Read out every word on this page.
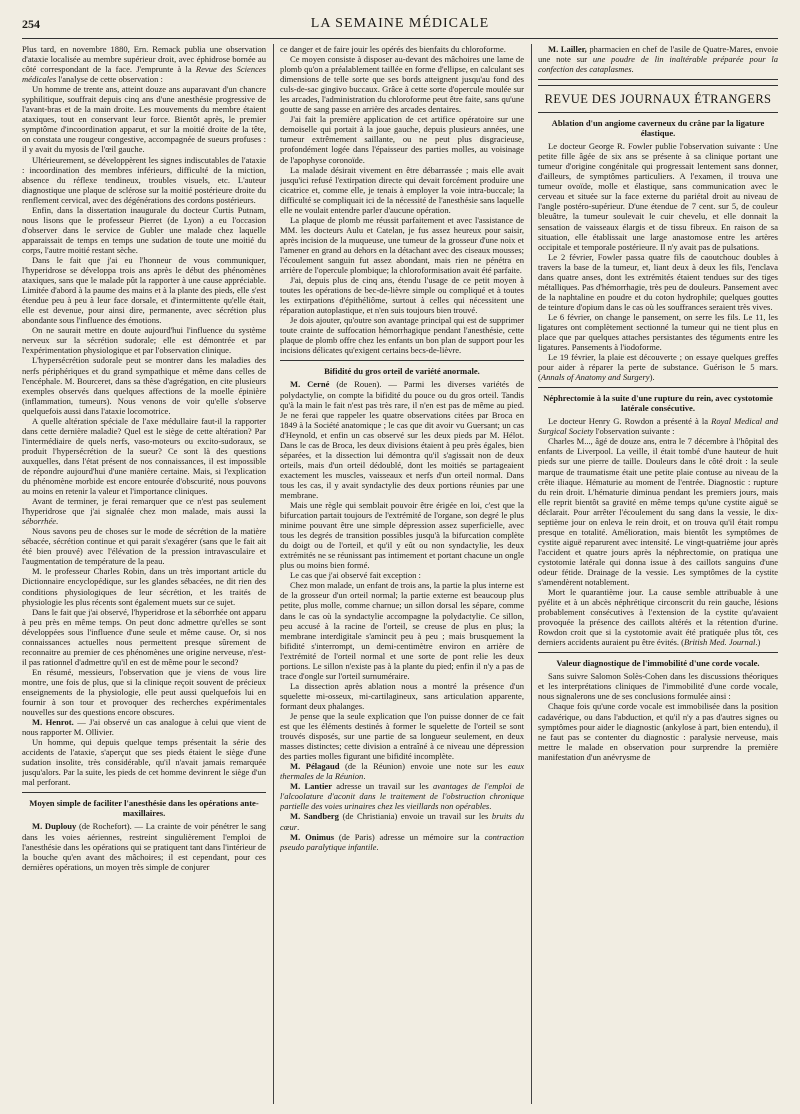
254	LA SEMAINE MÉDICALE

Plus tard, en novembre 1880, Ern. Remack publia une observation d'ataxie localisée au membre supérieur droit, avec éphidrose bornée au côté correspondant de la face. J'emprunte à la Revue des Sciences médicales l'analyse de cette observation :

Un homme de trente ans, atteint douze ans auparavant d'un chancre syphilitique, souffrait depuis cinq ans d'une anesthésie progressive de l'avant-bras et de la main droite. Les mouvements du membre étaient ataxiques, tout en conservant leur force. Bientôt après, le premier symptôme d'incoordination apparut, et sur la moitié droite de la tête, on constata une rougeur congestive, accompagnée de sueurs profuses : il y avait du myosis de l'œil gauche.

Ultérieurement, se développèrent les signes indiscutables de l'ataxie : incoordination des membres inférieurs, difficulté de la miction, absence du réflexe tendineux, troubles visuels, etc. L'auteur diagnostique une plaque de sclérose sur la moitié postérieure droite du renflement cervical, avec des dégénérations des cordons postérieurs.

Enfin, dans la dissertation inaugurale du docteur Curtis Putnam, nous lisons que le professeur Pierret (de Lyon) a eu l'occasion d'observer dans le service de Gubler une malade chez laquelle apparaissait de temps en temps une sudation de toute une moitié du corps, l'autre moitié restant sèche.

Dans le fait que j'ai eu l'honneur de vous communiquer, l'hyperidrose se développa trois ans après le début des phénomènes ataxiques, sans que le malade pût la rapporter à une cause appréciable. Limitée d'abord à la paume des mains et à la plante des pieds, elle s'est étendue peu à peu à leur face dorsale, et d'intermittente qu'elle était, elle est devenue, pour ainsi dire, permanente, avec sécrétion plus abondante sous l'influence des émotions.

On ne saurait mettre en doute aujourd'hui l'influence du système nerveux sur la sécrétion sudorale; elle est démontrée et par l'expérimentation physiologique et par l'observation clinique.

L'hypersécrétion sudorale peut se montrer dans les maladies des nerfs périphériques et du grand sympathique et même dans celles de l'encéphale. M. Bourceret, dans sa thèse d'agrégation, en cite plusieurs exemples observés dans quelques affections de la moelle épinière (inflammation, tumeurs). Nous venons de voir qu'elle s'observe quelquefois aussi dans l'ataxie locomotrice.

A quelle altération spéciale de l'axe médullaire faut-il la rapporter dans cette dernière maladie? Quel est le siège de cette altération? Par l'intermédiaire de quels nerfs, vaso-moteurs ou excito-sudoraux, se produit l'hypersécrétion de la sueur? Ce sont là des questions auxquelles, dans l'état présent de nos connaissances, il est impossible de répondre aujourd'hui d'une manière certaine. Mais, si l'explication du phénomène morbide est encore entourée d'obscurité, nous pouvons au moins en retenir la valeur et l'importance cliniques.

Avant de terminer, je ferai remarquer que ce n'est pas seulement l'hyperidrose que j'ai signalée chez mon malade, mais aussi la séborrhée.

Nous savons peu de choses sur le mode de sécrétion de la matière sébacée, sécrétion continue et qui parait s'exagérer (sans que le fait ait été bien prouvé) avec l'élévation de la pression intravasculaire et l'augmentation de température de la peau.

M. le professeur Charles Robin, dans un très important article du Dictionnaire encyclopédique, sur les glandes sébacées, ne dit rien des conditions physiologiques de leur sécrétion, et les traités de physiologie les plus récents sont également muets sur ce sujet.

Dans le fait que j'ai observé, l'hyperidrose et la séborrhée ont apparu à peu près en même temps. On peut donc admettre qu'elles se sont développées sous l'influence d'une seule et même cause. Or, si nos connaissances actuelles nous permettent presque sûrement de reconnaitre au premier de ces phénomènes une origine nerveuse, n'est-il pas rationnel d'admettre qu'il en est de même pour le second?

En résumé, messieurs, l'observation que je viens de vous lire montre, une fois de plus, que si la clinique reçoit souvent de précieux enseignements de la physiologie, elle peut aussi quelquefois lui en fournir à son tour et provoquer des recherches expérimentales nouvelles sur des questions encore obscures.

M. Henrot. — J'ai observé un cas analogue à celui que vient de nous rapporter M. Ollivier.

Un homme, qui depuis quelque temps présentait la série des accidents de l'ataxie, s'aperçut que ses pieds étaient le siège d'une sudation insolite, très considérable, qu'il n'avait jamais remarquée jusqu'alors. Par la suite, les pieds de cet homme devinrent le siège d'un mal perforant.

Moyen simple de faciliter l'anesthésie dans les opérations ante-maxillaires.

M. Duplouy (de Rochefort). — La crainte de voir pénétrer le sang dans les voies aériennes, restreint singulièrement l'emploi de l'anesthésie dans les opérations qui se pratiquent tant dans l'intérieur de la bouche qu'en avant des mâchoires; il est cependant, pour ces dernières opérations, un moyen très simple de conjurer

ce danger et de faire jouir les opérés des bienfaits du chloroforme.

Ce moyen consiste à disposer au-devant des mâchoires une lame de plomb qu'on a préalablement taillée en forme d'ellipse, en calculant ses dimensions de telle sorte que ses bords atteignent jusqu'au fond des culs-de-sac gingivo buccaux. Grâce à cette sorte d'opercule moulée sur les arcades, l'administration du chloroforme peut être faite, sans qu'une goutte de sang passe en arrière des arcades dentaires.

J'ai fait la première application de cet artifice opératoire sur une demoiselle qui portait à la joue gauche, depuis plusieurs années, une tumeur extrêmement saillante, ou ne peut plus disgracieuse, profondément logée dans l'épaisseur des parties molles, au voisinage de l'apophyse coronoïde.

La malade désirait vivement en être débarrassée ; mais elle avait jusqu'ici refusé l'extirpation directe qui devait forcément produire une cicatrice et, comme elle, je tenais à employer la voie intra-buccale; la difficulté se compliquait ici de la nécessité de l'anesthésie sans laquelle elle ne voulait entendre parler d'aucune opération.

La plaque de plomb me réussit parfaitement et avec l'assistance de MM. les docteurs Aulu et Catelan, je fus assez heureux pour saisir, après incision de la muqueuse, une tumeur de la grosseur d'une noix et l'amener en grand au dehors en la détachant avec des ciseaux mousses; l'écoulement sanguin fut assez abondant, mais rien ne pénétra en arrière de l'opercule plombique; la chloroformisation avait été parfaite.

J'ai, depuis plus de cinq ans, étendu l'usage de ce petit moyen à toutes les opérations de bec-de-lièvre simple ou compliqué et à toutes les extirpations d'épithéliôme, surtout à celles qui nécessitent une réparation autoplastique, et n'en suis toujours bien trouvé.

Je dois ajouter, qu'outre son avantage principal qui est de supprimer toute crainte de suffocation hémorrhagique pendant l'anesthésie, cette plaque de plomb offre chez les enfants un bon plan de support pour les incisions délicates qu'exigent certains becs-de-lièvre.

Bifidité du gros orteil de variété anormale.

M. Cerné (de Rouen). — Parmi les diverses variétés de polydactylie, on compte la bifidité du pouce ou du gros orteil. Tandis qu'à la main le fait n'est pas très rare, il n'en est pas de même au pied. Je ne ferai que rappeler les quatre observations citées par Broca en 1849 à la Société anatomique ; le cas que dit avoir vu Guersant; un cas d'Heynold, et enfin un cas observé sur les deux pieds par M. Hélot. Dans le cas de Broca, les deux divisions étaient à peu près égales, bien séparées, et la dissection lui démontra qu'il s'agissait non de deux orteils, mais d'un orteil dédoublé, dont les moitiés se partageaient exactement les muscles, vaisseaux et nerfs d'un orteil normal. Dans tous les cas, il y avait syndactylie des deux portions réunies par une membrane.

Mais une règle qui semblait pouvoir être érigée en loi, c'est que la bifurcation partait toujours de l'extrémité de l'organe, son degré le plus minime pouvant être une simple dépression assez superficielle, avec tous les degrés de transition possibles jusqu'à la bifurcation complète du doigt ou de l'orteil, et qu'il y eût ou non syndactylie, les deux extrémités ne se réunissant pas intimement et portant chacune un ongle plus ou moins bien formé.

Le cas que j'ai observé fait exception :

Chez mon malade, un enfant de trois ans, la partie la plus interne est de la grosseur d'un orteil normal; la partie externe est beaucoup plus petite, plus molle, comme charnue; un sillon dorsal les sépare, comme dans le cas où la syndactylie accompagne la polydactylie. Ce sillon, peu accusé à la racine de l'orteil, se creuse de plus en plus; la membrane interdigitale s'amincit peu à peu ; mais brusquement la bifidité s'interrompt, un demi-centimètre environ en arrière de l'extrémité de l'orteil normal et une sorte de pont relie les deux portions. Le sillon n'existe pas à la plante du pied; enfin il n'y a pas de trace d'ongle sur l'orteil surnuméraire.

La dissection après ablation nous a montré la présence d'un squelette mi-osseux, mi-cartilagineux, sans articulation apparente, formant deux phalanges.

Je pense que la seule explication que l'on puisse donner de ce fait est que les éléments destinés à former le squelette de l'orteil se sont trouvés disposés, sur une partie de sa longueur seulement, en deux masses distinctes; cette division a entraîné à ce niveau une dépression des parties molles figurant une bifidité incomplète.

M. Pélagaud (de la Réunion) envoie une note sur les eaux thermales de la Réunion.

M. Lantier adresse un travail sur les avantages de l'emploi de l'alcoolature d'aconit dans le traitement de l'obstruction chronique partielle des voies urinaires chez les vieillards non opérables.

M. Sandberg (de Christiania) envoie un travail sur les bruits du cœur.

M. Onimus (de Paris) adresse un mémoire sur la contraction pseudo paralytique infantile.

M. Lailler, pharmacien en chef de l'asile de Quatre-Mares, envoie une note sur une poudre de lin inaltérable préparée pour la confection des cataplasmes.

REVUE DES JOURNAUX ÉTRANGERS
Ablation d'un angiome caverneux du crâne par la ligature élastique.

Le docteur George R. Fowler publie l'observation suivante : Une petite fille âgée de six ans se présente à sa clinique portant une tumeur d'origine congénitale qui progressait lentement sans donner, d'ailleurs, de symptômes particuliers. A l'examen, il trouva une tumeur ovoïde, molle et élastique, sans communication avec le cerveau et située sur la face externe du pariétal droit au niveau de l'angle postéro-supérieur. D'une étendue de 7 cent. sur 5, de couleur bleuâtre, la tumeur soulevait le cuir chevelu, et elle donnait la sensation de vaisseaux élargis et de tissu fibreux. En raison de sa situation, elle établissait une large anastomose entre les artères occipitale et temporale postérieure. Il n'y avait pas de pulsations.

Le 2 février, Fowler passa quatre fils de caoutchouc doubles à travers la base de la tumeur, et, liant deux à deux les fils, l'enclava dans quatre anses, dont les extrémités étaient tendues sur des tiges métalliques. Pas d'hémorrhagie, très peu de douleurs. Pansement avec de la naphtaline en poudre et du coton hydrophile; quelques gouttes de teinture d'opium dans le cas où les souffrances seraient très vives.

Le 6 février, on change le pansement, on serre les fils. Le 11, les ligatures ont complètement sectionné la tumeur qui ne tient plus en place que par quelques attaches persistantes des téguments entre les ligatures. Pansements à l'iodoforme.

Le 19 février, la plaie est découverte ; on essaye quelques greffes pour aider à réparer la perte de substance. Guérison le 5 mars. (Annals of Anatomy and Surgery).

Néphrectomie à la suite d'une rupture du rein, avec cystotomie latérale consécutive.

Le docteur Henry G. Rowdon a présenté à la Royal Medical and Surgical Society l'observation suivante :

Charles M..., âgé de douze ans, entra le 7 décembre à l'hôpital des enfants de Liverpool. La veille, il était tombé d'une hauteur de huit pieds sur une pierre de taille. Douleurs dans le côté droit : la seule marque de traumatisme était une petite plaie contuse au niveau de la crête iliaque. Hématurie au moment de l'entrée. Diagnostic : rupture du rein droit. L'hématurie diminua pendant les premiers jours, mais elle reprit bientôt sa gravité en même temps qu'une cystite aiguë se déclarait. Pour arrêter l'écoulement du sang dans la vessie, le dix-septième jour on enleva le rein droit, et on trouva qu'il était rompu presque en totalité. Amélioration, mais bientôt les symptômes de cystite aiguë reparurent avec intensité. Le vingt-quatrième jour après l'accident et quatre jours après la néphrectomie, on pratiqua une cystotomie latérale qui donna issue à des caillots sanguins d'une odeur fétide. Drainage de la vessie. Les symptômes de la cystite s'amendèrent notablement.

Mort le quarantième jour. La cause semble attribuable à une pyélite et à un abcès néphrétique circonscrit du rein gauche, lésions probablement consécutives à l'extension de la cystite qu'avaient provoquée la présence des caillots altérés et la rétention d'urine. Rowdon croit que si la cystotomie avait été pratiquée plus tôt, ces derniers accidents auraient pu être évités. (British Med. Journal.)

Valeur diagnostique de l'immobilité d'une corde vocale.

Sans suivre Salomon Solès-Cohen dans les discussions théoriques et les interprétations cliniques de l'immobilité d'une corde vocale, nous signalerons une de ses conclusions formulée ainsi :

Chaque fois qu'une corde vocale est immobilisée dans la position cadavérique, ou dans l'abduction, et qu'il n'y a pas d'autres signes ou symptômes pour aider le diagnostic (ankylose à part, bien entendu), il ne faut pas se contenter du diagnostic : paralysie nerveuse, mais mettre le malade en observation pour surprendre la première manifestation d'un anévrysme de
